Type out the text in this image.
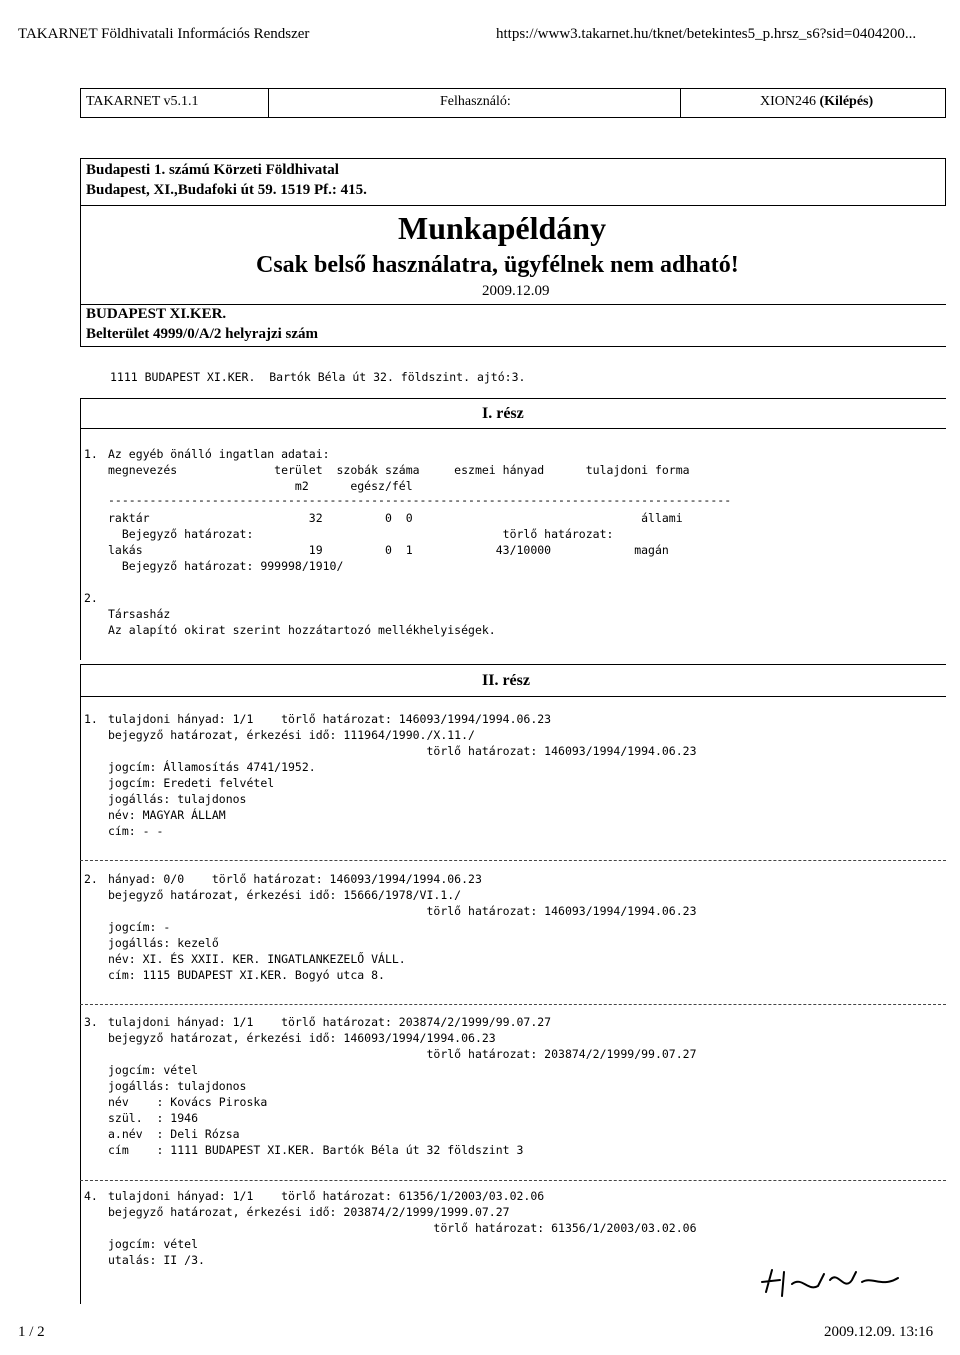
TAKARNET Földhivatali Információs Rendszer	https://www3.takarnet.hu/tknet/betekintes5_p.hrsz_s6?sid=0404200...
TAKARNET v5.1.1	Felhasználó:	XION246 (Kilépés)
Budapesti 1. számú Körzeti Földhivatal
Budapest, XI.,Budafoki út 59. 1519 Pf.: 415.
Munkapéldány
Csak belső használatra, ügyfélnek nem adható!
2009.12.09
BUDAPEST XI.KER.
Belterület 4999/0/A/2 helyrajzi szám
1111 BUDAPEST XI.KER.  Bartók Béla út 32. földszint. ajtó:3.
I. rész
1. Az egyéb önálló ingatlan adatai:
megnevezés              terület  szobák száma     eszmei hányad      tulajdoni forma
m2      egész/fél
------------------------------------------------------------------------------------------
raktár                       32         0  0                                 állami
Bejegyző határozat:                                    törlő határozat:
lakás                        19         0  1            43/10000            magán
Bejegyző határozat: 999998/1910/
2.
Társasház
Az alapító okirat szerint hozzátartozó mellékhelyiségek.
II. rész
1. tulajdoni hányad: 1/1    törlő határozat: 146093/1994/1994.06.23
bejegyző határozat, érkezési idő: 111964/1990./X.11./
törlő határozat: 146093/1994/1994.06.23
jogcím: Államosítás 4741/1952.
jogcím: Eredeti felvétel
jogállás: tulajdonos
név: MAGYAR ÁLLAM
cím: - -
2. hányad: 0/0    törlő határozat: 146093/1994/1994.06.23
bejegyző határozat, érkezési idő: 15666/1978/VI.1./
törlő határozat: 146093/1994/1994.06.23
jogcím: -
jogállás: kezelő
név: XI. ÉS XXII. KER. INGATLANKEZELŐ VÁLL.
cím: 1115 BUDAPEST XI.KER. Bogyó utca 8.
3. tulajdoni hányad: 1/1    törlő határozat: 203874/2/1999/99.07.27
bejegyző határozat, érkezési idő: 146093/1994/1994.06.23
törlő határozat: 203874/2/1999/99.07.27
jogcím: vétel
jogállás: tulajdonos
név    : Kovács Piroska
szül.  : 1946
a.név  : Deli Rózsa
cím    : 1111 BUDAPEST XI.KER. Bartók Béla út 32 földszint 3
4. tulajdoni hányad: 1/1    törlő határozat: 61356/1/2003/03.02.06
bejegyző határozat, érkezési idő: 203874/2/1999/1999.07.27
törlő határozat: 61356/1/2003/03.02.06
jogcím: vétel
utalás: II /3.
1 / 2	2009.12.09. 13:16
